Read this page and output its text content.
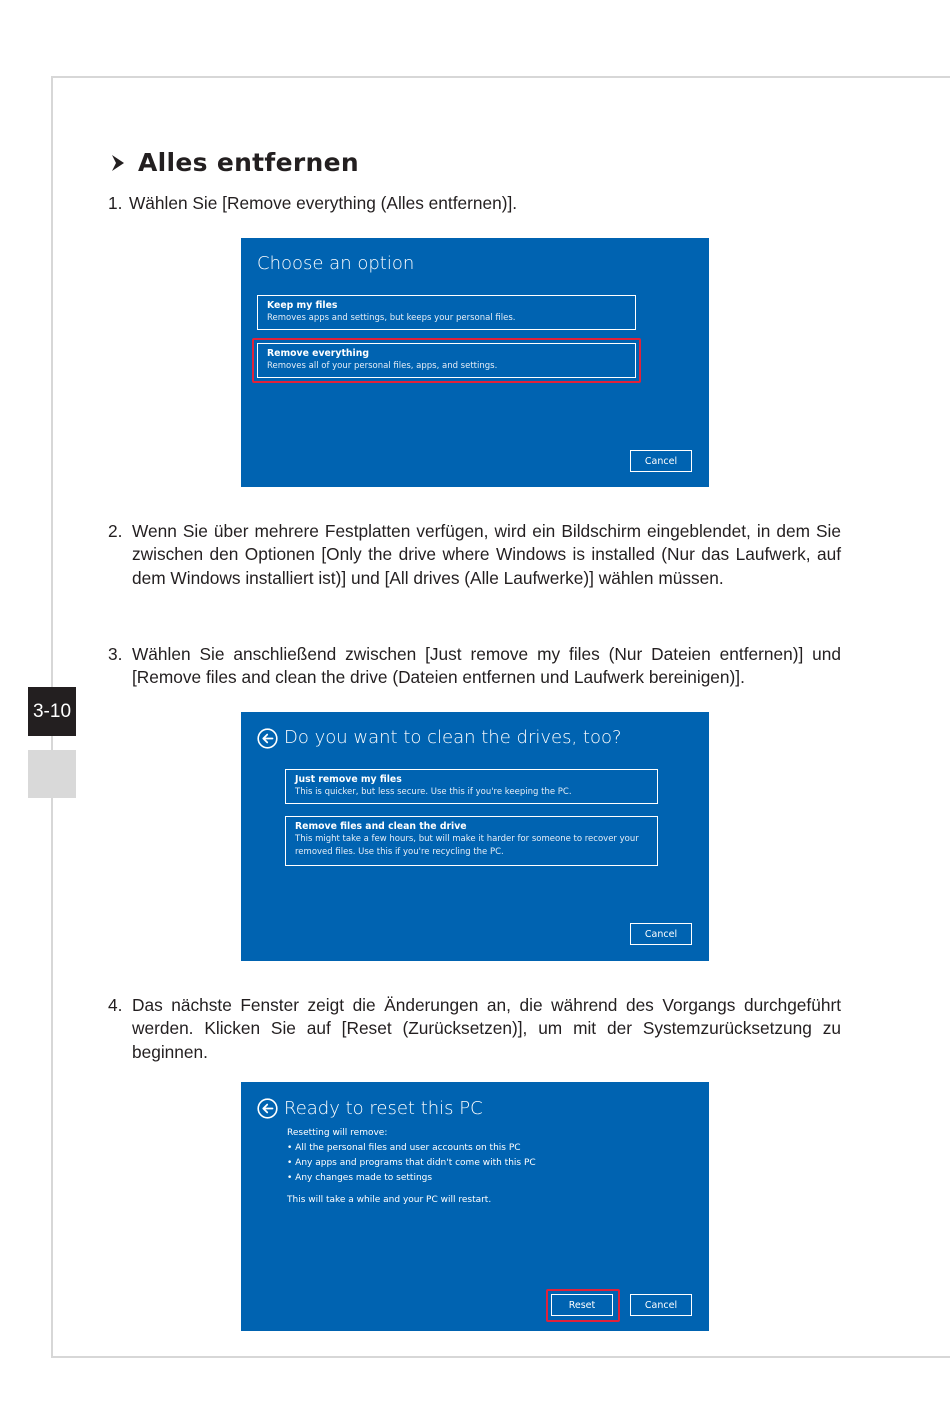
Alles entfernen
1. Wählen Sie [Remove everything (Alles entfernen)].
Choose an option
Keep my files
Removes apps and settings, but keeps your personal files.
Remove everything
Removes all of your personal files, apps, and settings.
Cancel
2. Wenn Sie über mehrere Festplatten verfügen, wird ein Bildschirm eingeblendet, in dem Sie zwischen den Optionen [Only the drive where Windows is installed (Nur das Laufwerk, auf dem Windows installiert ist)] und [All drives (Alle Laufwerke)] wählen müssen.
3. Wählen Sie anschließend zwischen [Just remove my files (Nur Dateien entfernen)] und [Remove files and clean the drive (Dateien entfernen und Laufwerk bereinigen)].
3-10
Do you want to clean the drives, too?
Just remove my files
This is quicker, but less secure. Use this if you're keeping the PC.
Remove files and clean the drive
This might take a few hours, but will make it harder for someone to recover your removed files. Use this if you're recycling the PC.
Cancel
4. Das nächste Fenster zeigt die Änderungen an, die während des Vorgangs durchgeführt werden. Klicken Sie auf [Reset (Zurücksetzen)], um mit der Systemzurücksetzung zu beginnen.
Ready to reset this PC
Resetting will remove:
• All the personal files and user accounts on this PC
• Any apps and programs that didn't come with this PC
• Any changes made to settings
This will take a while and your PC will restart.
Reset	Cancel
